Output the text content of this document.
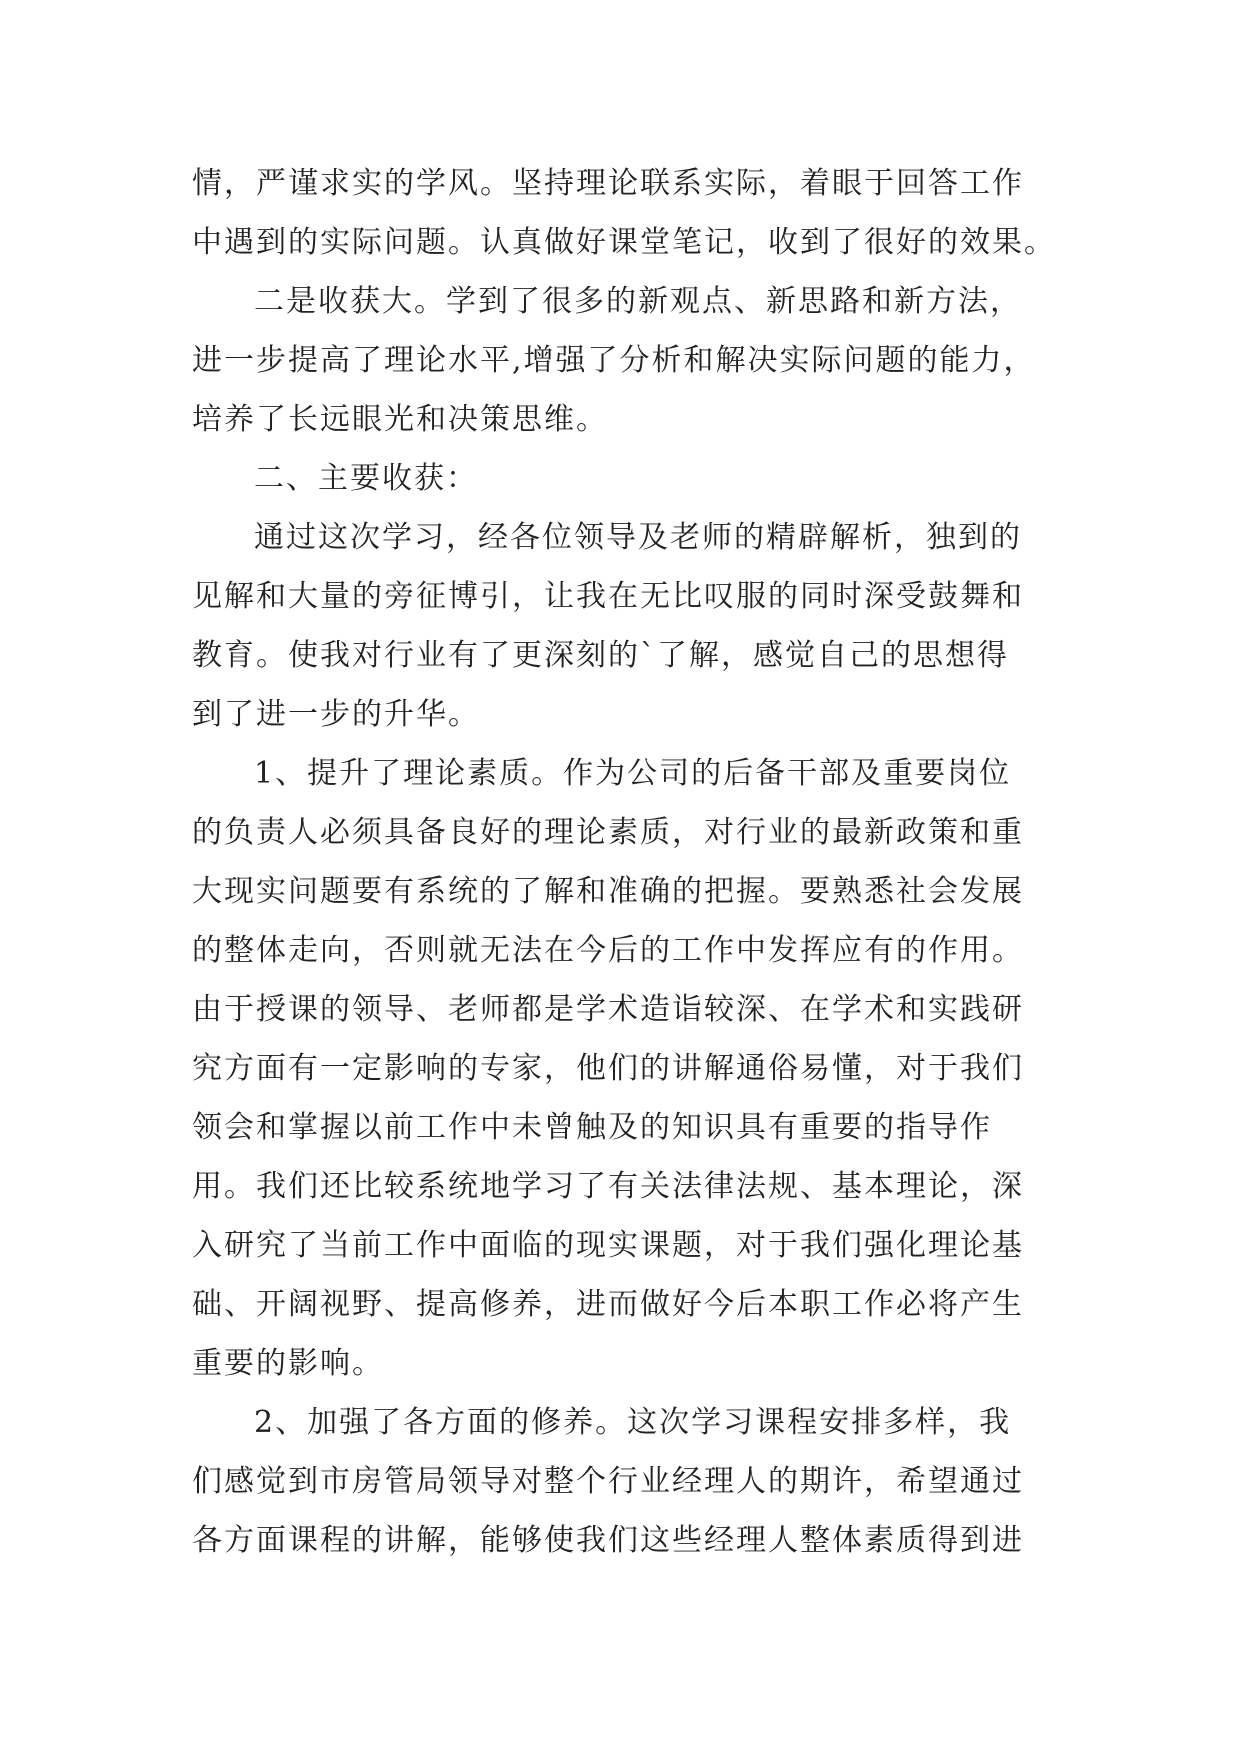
情，严谨求实的学风。坚持理论联系实际，着眼于回答工作
中遇到的实际问题。认真做好课堂笔记，收到了很好的效果。
二是收获大。学到了很多的新观点、新思路和新方法，
进一步提高了理论水平,增强了分析和解决实际问题的能力，
培养了长远眼光和决策思维。
二、主要收获：
通过这次学习，经各位领导及老师的精辟解析，独到的
见解和大量的旁征博引，让我在无比叹服的同时深受鼓舞和
教育。使我对行业有了更深刻的`了解，感觉自己的思想得
到了进一步的升华。
1、提升了理论素质。作为公司的后备干部及重要岗位
的负责人必须具备良好的理论素质，对行业的最新政策和重
大现实问题要有系统的了解和准确的把握。要熟悉社会发展
的整体走向，否则就无法在今后的工作中发挥应有的作用。
由于授课的领导、老师都是学术造诣较深、在学术和实践研
究方面有一定影响的专家，他们的讲解通俗易懂，对于我们
领会和掌握以前工作中未曾触及的知识具有重要的指导作
用。我们还比较系统地学习了有关法律法规、基本理论，深
入研究了当前工作中面临的现实课题，对于我们强化理论基
础、开阔视野、提高修养，进而做好今后本职工作必将产生
重要的影响。
2、加强了各方面的修养。这次学习课程安排多样，我
们感觉到市房管局领导对整个行业经理人的期许，希望通过
各方面课程的讲解，能够使我们这些经理人整体素质得到进
